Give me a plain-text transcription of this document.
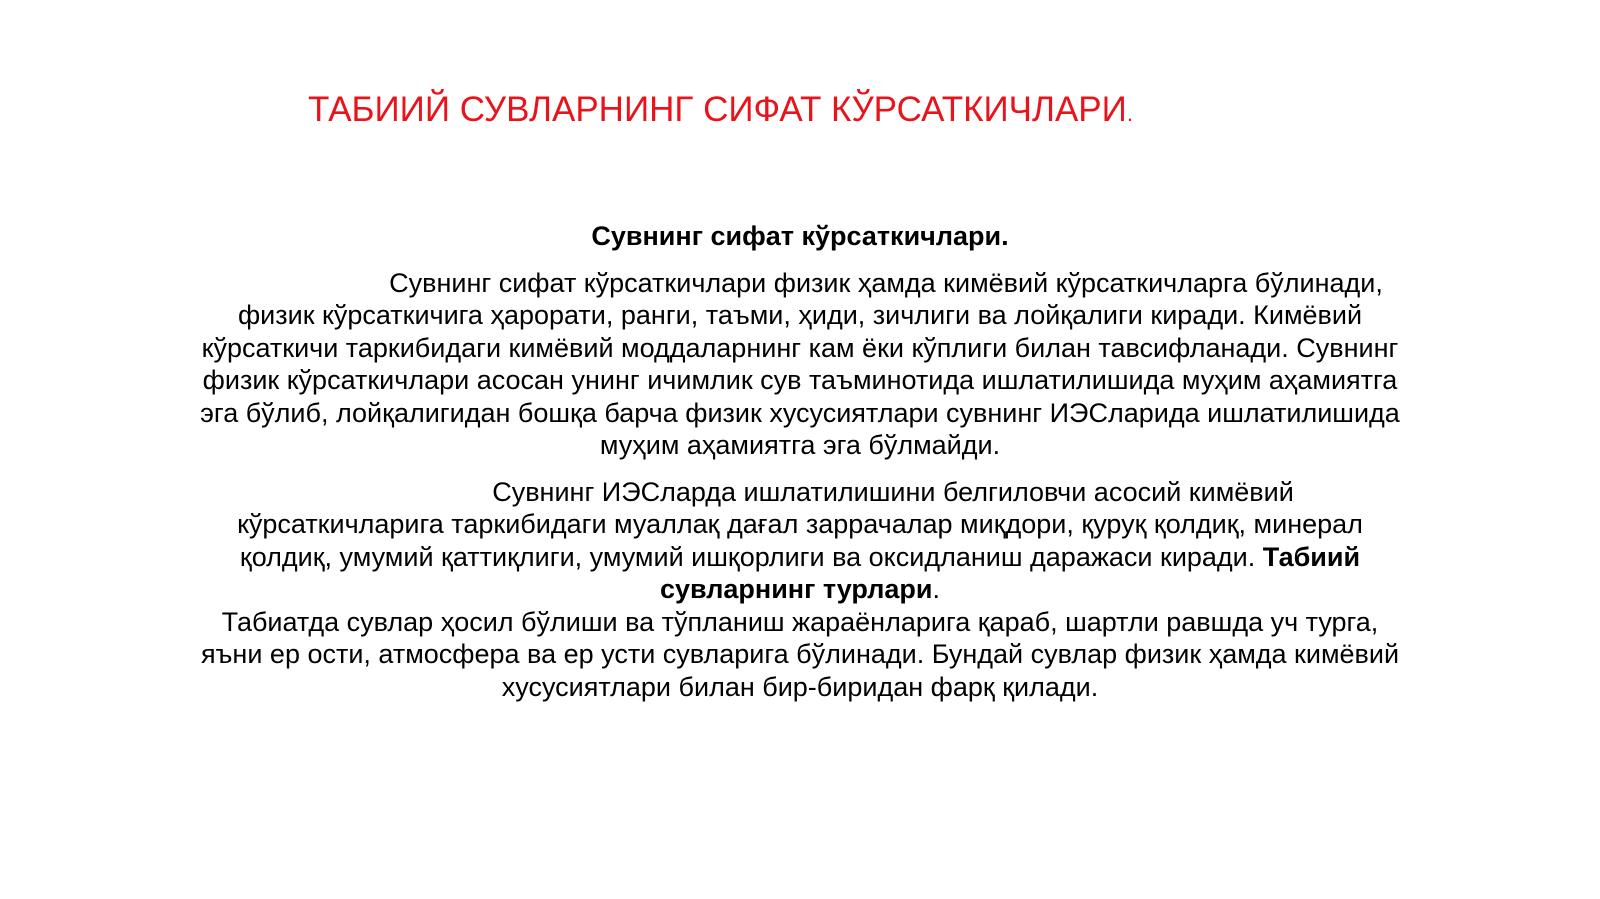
ТАБИИЙ СУВЛАРНИНГ СИФАТ КЎРСАТКИЧЛАРИ.

Сувнинг сифат кўрсаткичлари.

Сувнинг сифат кўрсаткичлари физик ҳамда кимёвий кўрсаткичларга бўлинади, физик кўрсаткичига ҳарорати, ранги, таъми, ҳиди, зичлиги ва лойқалиги киради. Кимёвий кўрсаткичи таркибидаги кимёвий моддаларнинг кам ёки кўплиги билан тавсифланади. Сувнинг физик кўрсаткичлари асосан унинг ичимлик сув таъминотида ишлатилишида муҳим аҳамиятга эга бўлиб, лойқалигидан бошқа барча физик хусусиятлари сувнинг ИЭСларида ишлатилишида муҳим аҳамиятга эга бўлмайди.

Сувнинг ИЭСларда ишлатилишини белгиловчи асосий кимёвий кўрсаткичларига таркибидаги муаллақ дағал заррачалар миқдори, қуруқ қолдиқ, минерал қолдиқ, умумий қаттиқлиги, умумий ишқорлиги ва оксидланиш даражаси киради. Табиий сувларнинг турлари.
Табиатда сувлар ҳосил бўлиши ва тўпланиш жараёнларига қараб, шартли равшда уч турга, яъни ер ости, атмосфера ва ер усти сувларига бўлинади. Бундай сувлар физик ҳамда кимёвий хусусиятлари билан бир-биридан фарқ қилади.
